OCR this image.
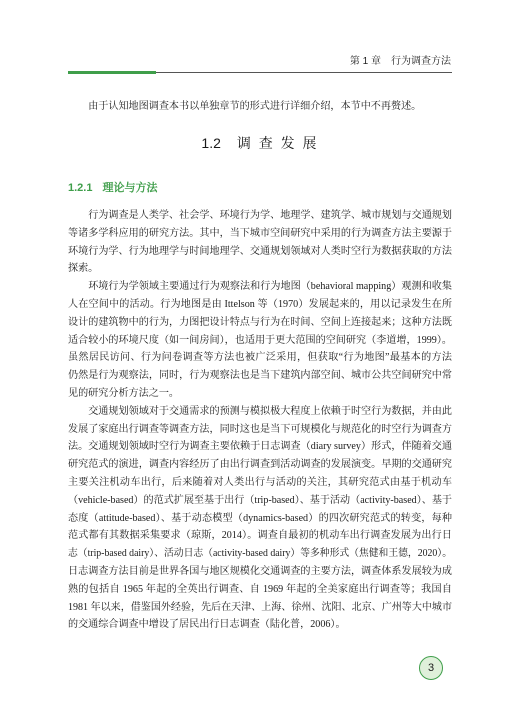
第 1 章 行为调查方法
由于认知地图调查本书以单独章节的形式进行详细介绍，本节中不再赘述。
1.2 调 查 发 展
1.2.1 理论与方法
行为调查是人类学、社会学、环境行为学、地理学、建筑学、城市规划与交通规划
等诸多学科应用的研究方法。其中，当下城市空间研究中采用的行为调查方法主要源于
环境行为学、行为地理学与时间地理学、交通规划领域对人类时空行为数据获取的方法
探索。
环境行为学领域主要通过行为观察法和行为地图（behavioral mapping）观测和收集
人在空间中的活动。行为地图是由 Ittelson 等（1970）发展起来的，用以记录发生在所
设计的建筑物中的行为，力图把设计特点与行为在时间、空间上连接起来；这种方法既
适合较小的环境尺度（如一间房间），也适用于更大范围的空间研究（李道增，1999）。
虽然居民访问、行为问卷调查等方法也被广泛采用，但获取“行为地图”最基本的方法
仍然是行为观察法，同时，行为观察法也是当下建筑内部空间、城市公共空间研究中常
见的研究分析方法之一。
交通规划领域对于交通需求的预测与模拟极大程度上依赖于时空行为数据，并由此
发展了家庭出行调查等调查方法，同时这也是当下可规模化与规范化的时空行为调查方
法。交通规划领域时空行为调查主要依赖于日志调查（diary survey）形式，伴随着交通
研究范式的演进，调查内容经历了由出行调查到活动调查的发展演变。早期的交通研究
主要关注机动车出行，后来随着对人类出行与活动的关注，其研究范式由基于机动车
（vehicle-based）的范式扩展至基于出行（trip-based）、基于活动（activity-based）、基于
态度（attitude-based）、基于动态模型（dynamics-based）的四次研究范式的转变，每种
范式都有其数据采集要求（琼斯，2014）。调查自最初的机动车出行调查发展为出行日
志（trip-based dairy）、活动日志（activity-based dairy）等多种形式（焦健和王德，2020）。
日志调查方法目前是世界各国与地区规模化交通调查的主要方法，调查体系发展较为成
熟的包括自 1965 年起的全英出行调查、自 1969 年起的全美家庭出行调查等；我国自
1981 年以来，借鉴国外经验，先后在天津、上海、徐州、沈阳、北京、广州等大中城市
的交通综合调查中增设了居民出行日志调查（陆化普，2006）。
3
